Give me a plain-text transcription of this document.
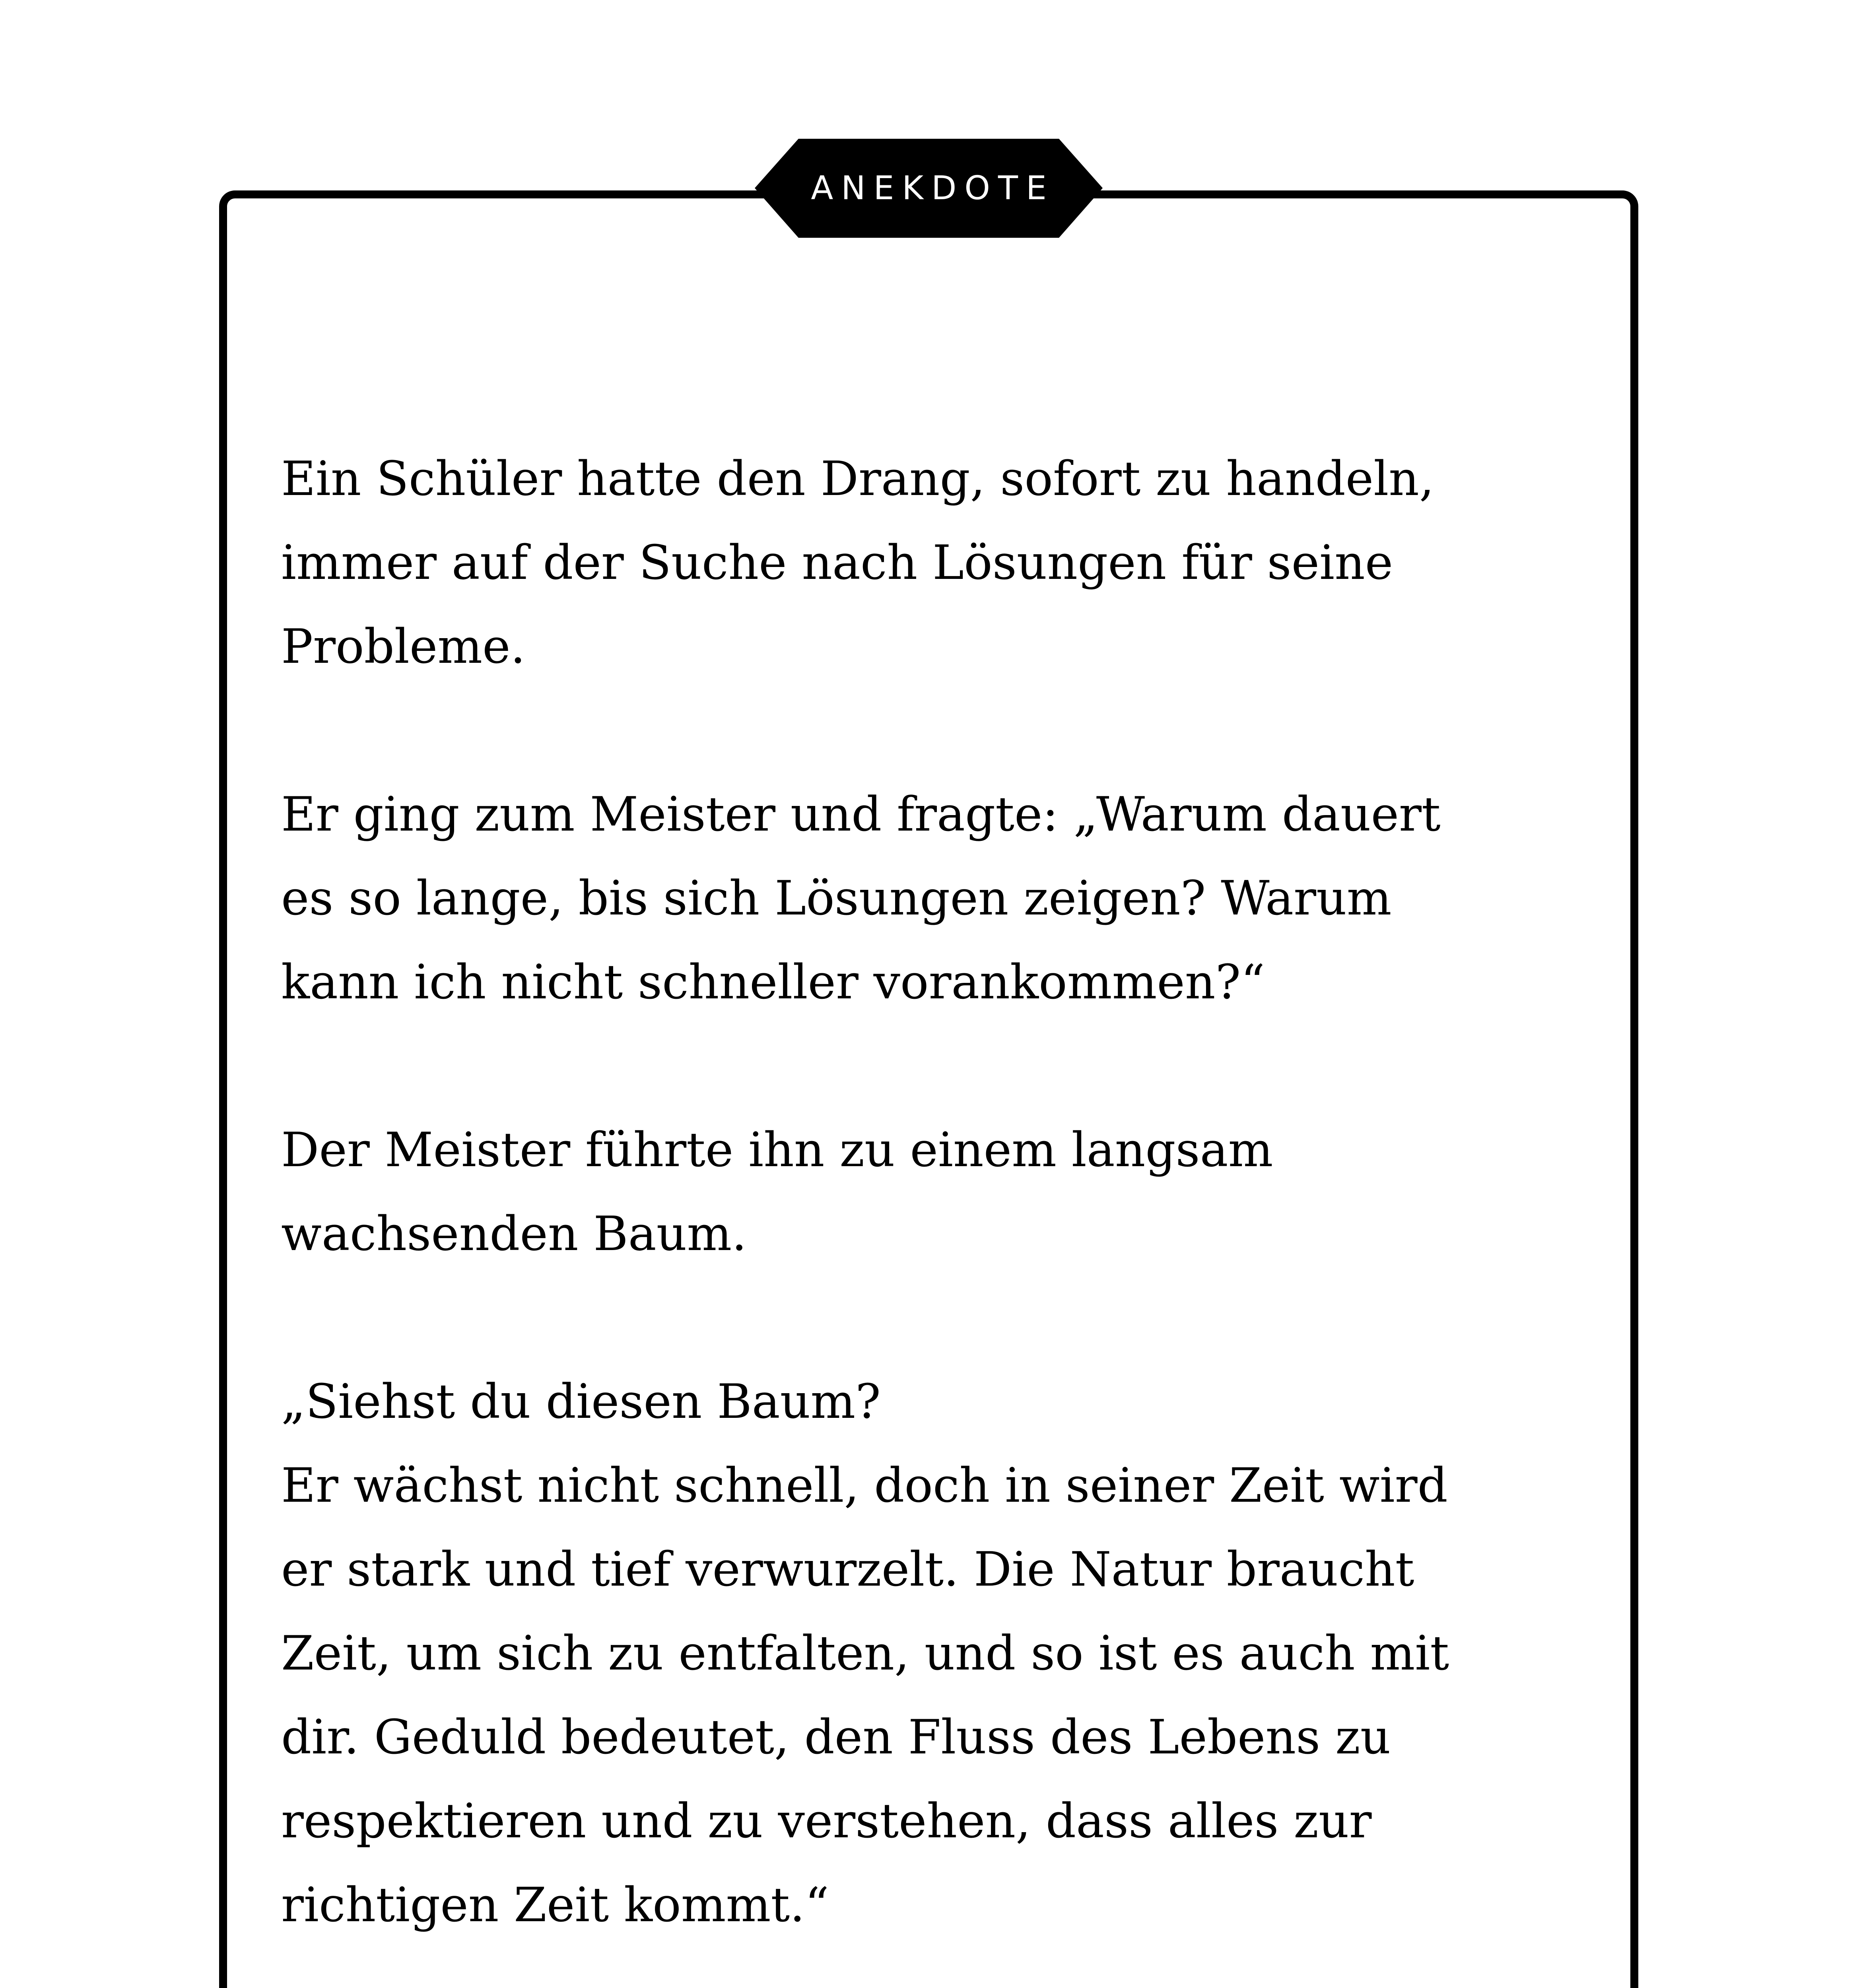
ANEKDOTE

Ein Schüler hatte den Drang, sofort zu handeln,
immer auf der Suche nach Lösungen für seine
Probleme.

Er ging zum Meister und fragte: „Warum dauert
es so lange, bis sich Lösungen zeigen? Warum
kann ich nicht schneller vorankommen?“

Der Meister führte ihn zu einem langsam
wachsenden Baum.

„Siehst du diesen Baum?
Er wächst nicht schnell, doch in seiner Zeit wird
er stark und tief verwurzelt. Die Natur braucht
Zeit, um sich zu entfalten, und so ist es auch mit
dir. Geduld bedeutet, den Fluss des Lebens zu
respektieren und zu verstehen, dass alles zur
richtigen Zeit kommt.“
